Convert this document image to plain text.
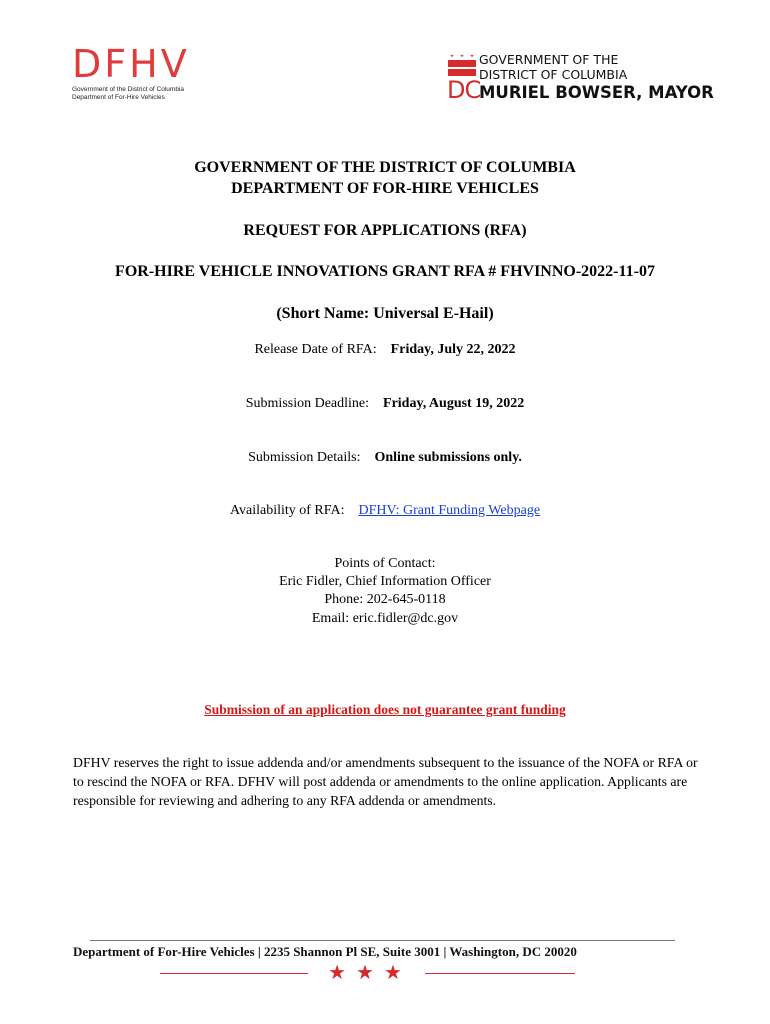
DFHV
Government of the District of Columbia
Department of For-Hire Vehicles	DC
GOVERNMENT OF THE
DISTRICT OF COLUMBIA
MURIEL BOWSER, MAYOR
GOVERNMENT OF THE DISTRICT OF COLUMBIA
DEPARTMENT OF FOR-HIRE VEHICLES
REQUEST FOR APPLICATIONS (RFA)
FOR-HIRE VEHICLE INNOVATIONS GRANT RFA # FHVINNO-2022-11-07
(Short Name: Universal E-Hail)
Release Date of RFA: Friday, July 22, 2022
Submission Deadline: Friday, August 19, 2022
Submission Details: Online submissions only.
Availability of RFA: DFHV: Grant Funding Webpage
Points of Contact:
Eric Fidler, Chief Information Officer
Phone: 202-645-0118
Email: eric.fidler@dc.gov
Submission of an application does not guarantee grant funding
DFHV reserves the right to issue addenda and/or amendments subsequent to the issuance of the NOFA or RFA or to rescind the NOFA or RFA. DFHV will post addenda or amendments to the online application. Applicants are responsible for reviewing and adhering to any RFA addenda or amendments.
Department of For-Hire Vehicles | 2235 Shannon Pl SE, Suite 3001 | Washington, DC 20020
★★★
